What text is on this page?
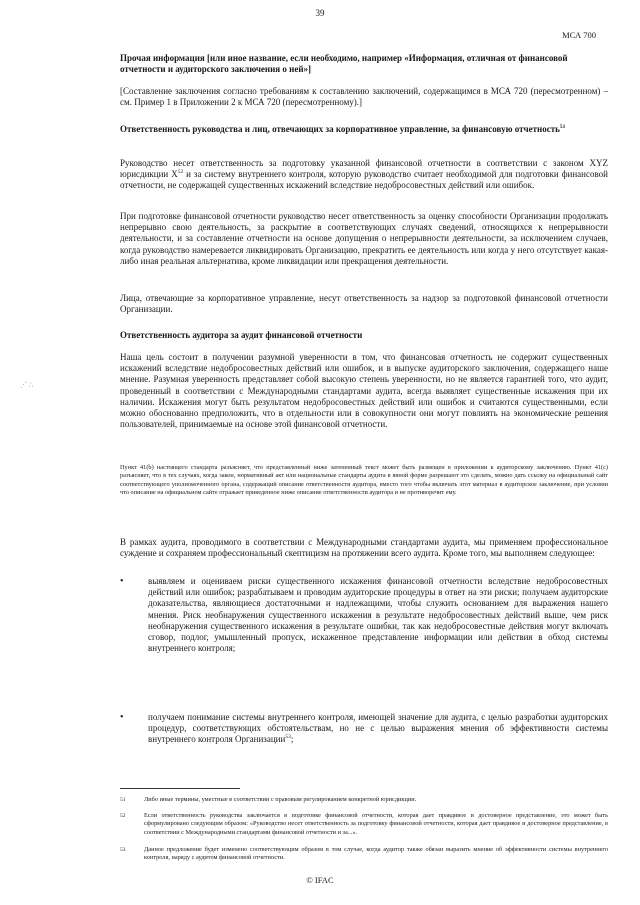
39
МСА 700
⋰ ∴

Прочая информация [или иное название, если необходимо, например «Информация, отличная от финансовой отчетности и аудиторского заключения о ней»]

[Составление заключения согласно требованиям к составлению заключений, содержащимся в МСА 720 (пересмотренном) – см. Пример 1 в Приложении 2 к МСА 720 (пересмотренному).]

Ответственность руководства и лиц, отвечающих за корпоративное управление, за финансовую отчетность$^{51}$

Руководство несет ответственность за подготовку указанной финансовой отчетности в соответствии с законом XYZ юрисдикции $X^{52}$ и за систему внутреннего контроля, которую руководство считает необходимой для подготовки финансовой отчетности, не содержащей существенных искажений вследствие недобросовестных действий или ошибок.

При подготовке финансовой отчетности руководство несет ответственность за оценку способности Организации продолжать непрерывно свою деятельность, за раскрытие в соответствующих случаях сведений, относящихся к непрерывности деятельности, и за составление отчетности на основе допущения о непрерывности деятельности, за исключением случаев, когда руководство намеревается ликвидировать Организацию, прекратить ее деятельность или когда у него отсутствует какая-либо иная реальная альтернатива, кроме ликвидации или прекращения деятельности.

Лица, отвечающие за корпоративное управление, несут ответственность за надзор за подготовкой финансовой отчетности Организации.

Ответственность аудитора за аудит финансовой отчетности

Наша цель состоит в получении разумной уверенности в том, что финансовая отчетность не содержит существенных искажений вследствие недобросовестных действий или ошибок, и в выпуске аудиторского заключения, содержащего наше мнение. Разумная уверенность представляет собой высокую степень уверенности, но не является гарантией того, что аудит, проведенный в соответствии с Международными стандартами аудита, всегда выявляет существенные искажения при их наличии. Искажения могут быть результатом недобросовестных действий или ошибок и считаются существенными, если можно обоснованно предположить, что в отдельности или в совокупности они могут повлиять на экономические решения пользователей, принимаемые на основе этой финансовой отчетности.

Пункт 41(b) настоящего стандарта разъясняет, что представленный ниже затененный текст может быть размещен в приложении к аудиторскому заключению. Пункт 41(c) разъясняет, что в тех случаях, когда закон, нормативный акт или национальные стандарты аудита в явной форме разрешают это сделать, можно дать ссылку на официальный сайт соответствующего уполномоченного органа, содержащий описание ответственности аудитора, вместо того чтобы включать этот материал в аудиторское заключение, при условии что описание на официальном сайте отражает приведенное ниже описание ответственности аудитора и не противоречит ему.

В рамках аудита, проводимого в соответствии с Международными стандартами аудита, мы применяем профессиональное суждение и сохраняем профессиональный скептицизм на протяжении всего аудита. Кроме того, мы выполняем следующее:

•	выявляем и оцениваем риски существенного искажения финансовой отчетности вследствие недобросовестных действий или ошибок; разрабатываем и проводим аудиторские процедуры в ответ на эти риски; получаем аудиторские доказательства, являющиеся достаточными и надлежащими, чтобы служить основанием для выражения нашего мнения. Риск необнаружения существенного искажения в результате недобросовестных действий выше, чем риск необнаружения существенного искажения в результате ошибки, так как недобросовестные действия могут включать сговор, подлог, умышленный пропуск, искаженное представление информации или действия в обход системы внутреннего контроля;

•	получаем понимание системы внутреннего контроля, имеющей значение для аудита, с целью разработки аудиторских процедур, соответствующих обстоятельствам, но не с целью выражения мнения об эффективности системы внутреннего контроля Организации$^{53}$;

51	Либо иные термины, уместные в соответствии с правовым регулированием конкретной юрисдикции.
52	Если ответственность руководства заключается в подготовке финансовой отчетности, которая дает правдивое и достоверное представление, это может быть сформулировано следующим образом: «Руководство несет ответственность за подготовку финансовой отчетности, которая дает правдивое и достоверное представление, в соответствии с Международными стандартами финансовой отчетности и за...».
53	Данное предложение будет изменено соответствующим образом в том случае, когда аудитор также обязан выразить мнение об эффективности системы внутреннего контроля, наряду с аудитом финансовой отчетности.
© IFAC
